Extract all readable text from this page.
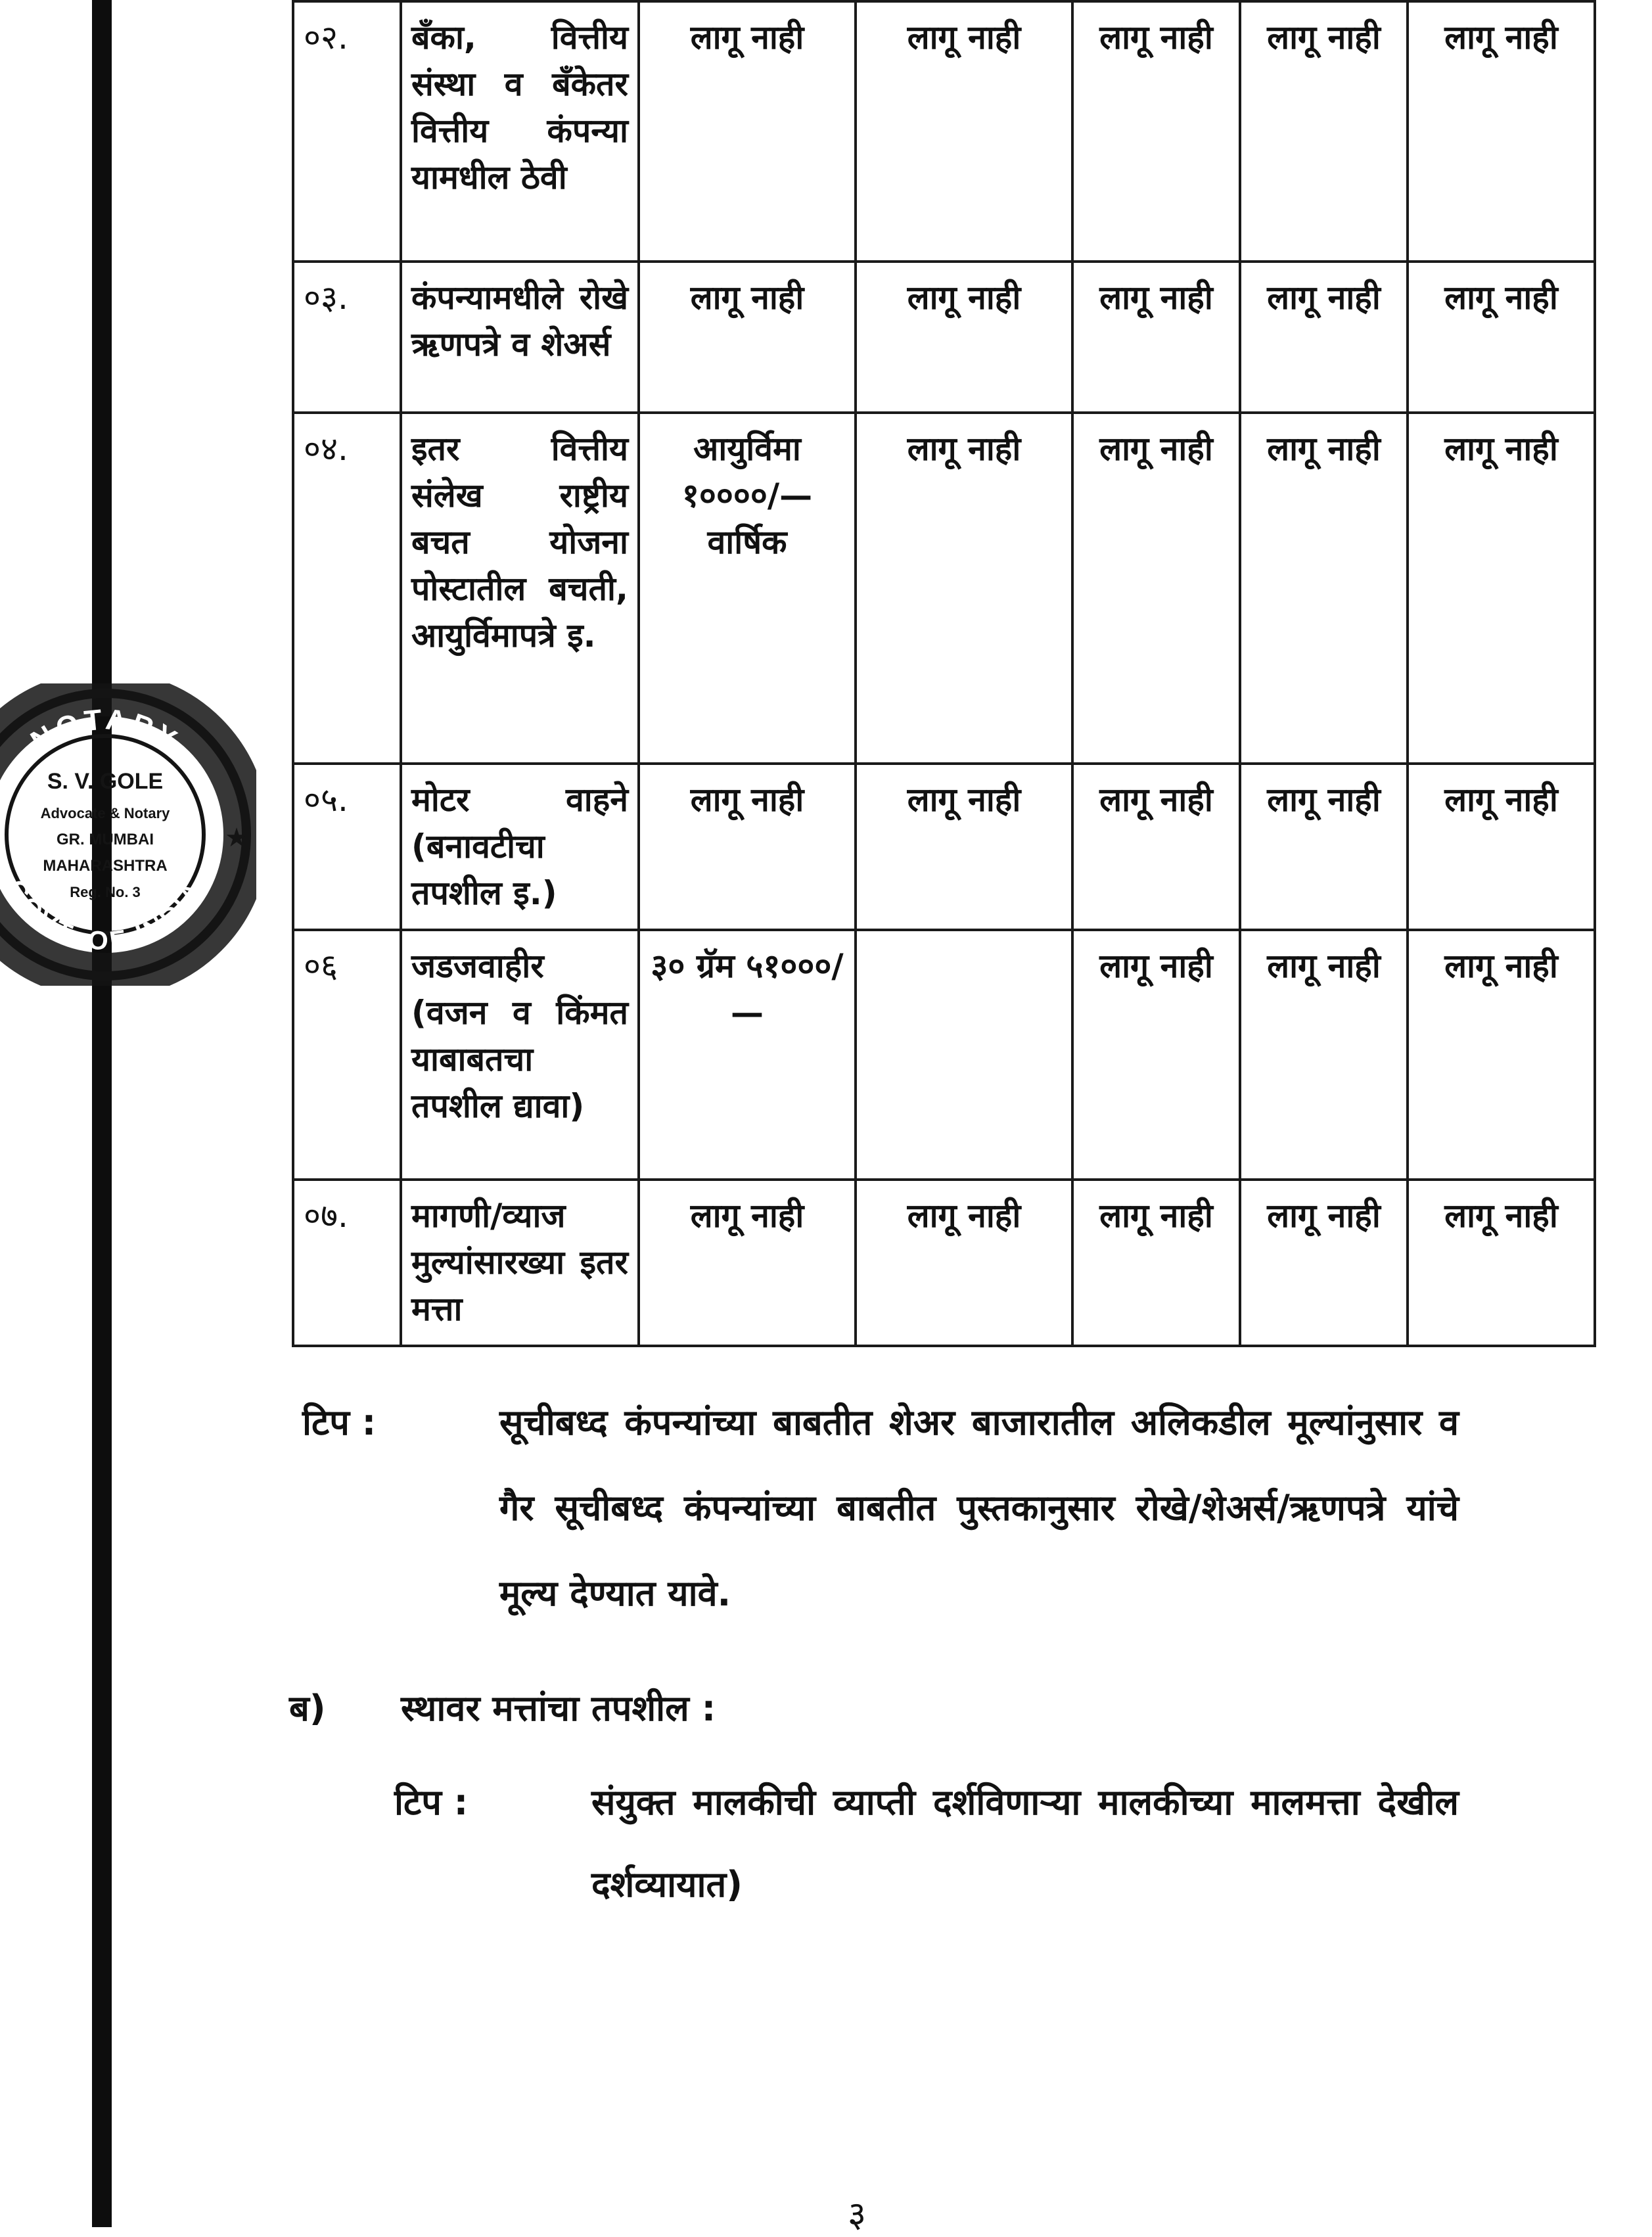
NOTARY
GOVT. OF INDIA
S. V. GOLE
Advocate & Notary
GR. MUMBAI
MAHARASHTRA
Reg. No. 3
★
०२.	बँका, वित्तीय संस्था व बँकेतर वित्तीय कंपन्या यामधील ठेवी	लागू नाही	लागू नाही	लागू नाही	लागू नाही	लागू नाही
०३.	कंपन्यामधीले रोखे ऋणपत्रे व शेअर्स	लागू नाही	लागू नाही	लागू नाही	लागू नाही	लागू नाही
०४.	इतर वित्तीय संलेख राष्ट्रीय बचत योजना पोस्टातील बचती, आयुर्विमापत्रे इ.	आयुर्विमा १००००/— वार्षिक	लागू नाही	लागू नाही	लागू नाही	लागू नाही
०५.	मोटर वाहने (बनावटीचा तपशील इ.)	लागू नाही	लागू नाही	लागू नाही	लागू नाही	लागू नाही
०६	जडजवाहीर (वजन व किंमत याबाबतचा तपशील द्यावा)	३० ग्रॅम ५१०००/—		लागू नाही	लागू नाही	लागू नाही
०७.	मागणी/व्याज मुल्यांसारख्या इतर मत्ता	लागू नाही	लागू नाही	लागू नाही	लागू नाही	लागू नाही
टिप :	सूचीबध्द कंपन्यांच्या बाबतीत शेअर बाजारातील अलिकडील मूल्यांनुसार व गैर सूचीबध्द कंपन्यांच्या बाबतीत पुस्तकानुसार रोखे/शेअर्स/ऋणपत्रे यांचे मूल्य देण्यात यावे.
ब) स्थावर मत्तांचा तपशील :
टिप :	संयुक्त मालकीची व्याप्ती दर्शविणाऱ्या मालकीच्या मालमत्ता देखील दर्शव्यायात)
३
